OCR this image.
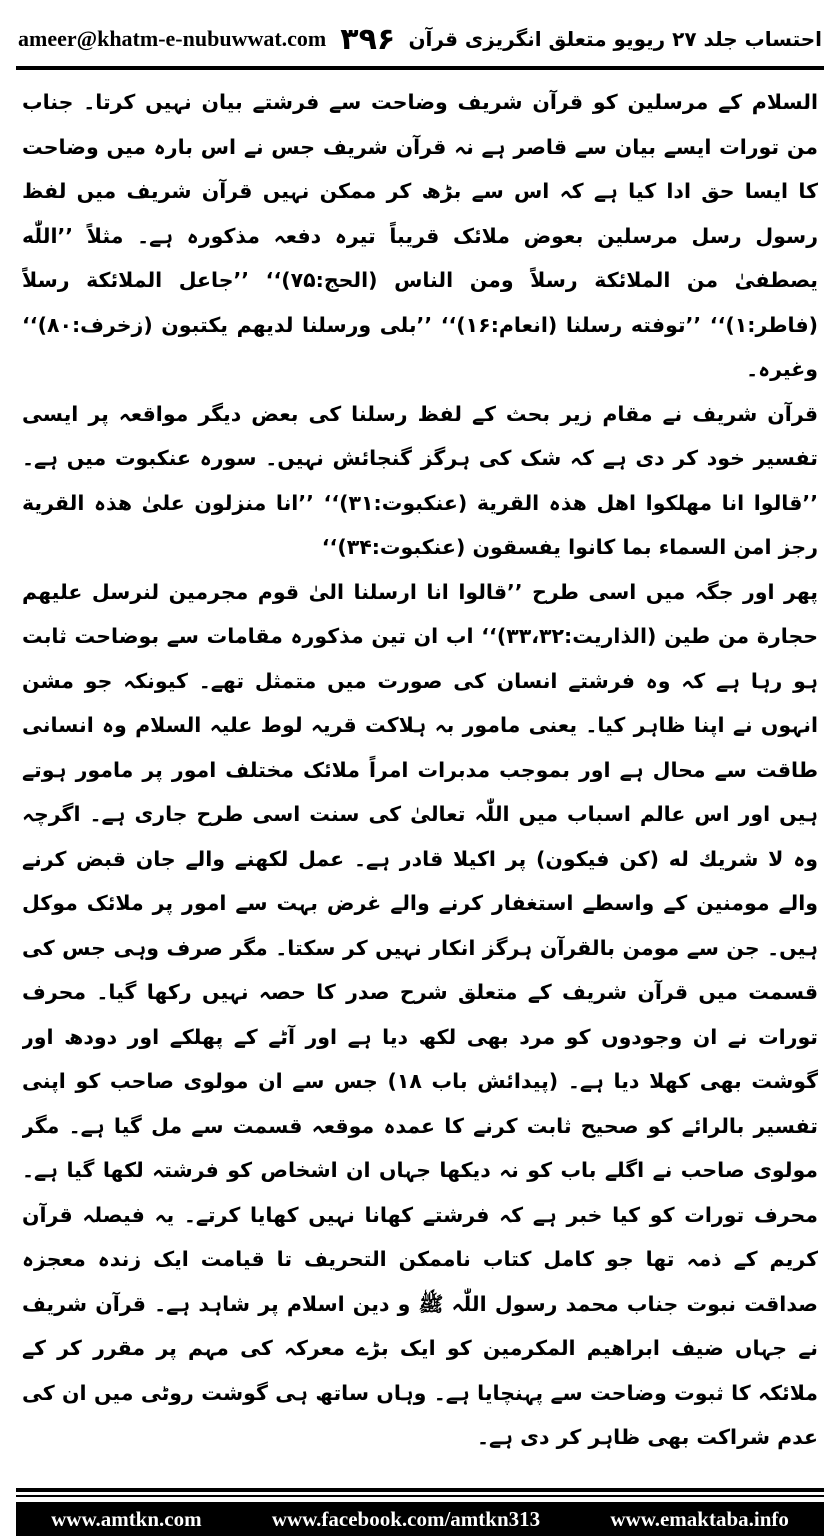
ameer@khatm-e-nubuwwat.com ۳۹۶ احتساب جلد ۲۷ ریویو متعلق انگریزی قرآن

السلام کے مرسلین کو قرآن شریف وضاحت سے فرشتے بیان نہیں کرتا۔ جناب من تورات ایسے بیان سے قاصر ہے نہ قرآن شریف جس نے اس بارہ میں وضاحت کا ایسا حق ادا کیا ہے کہ اس سے بڑھ کر ممکن نہیں قرآن شریف میں لفظ رسول رسل مرسلین بعوض ملائک قریباً تیرہ دفعہ مذکورہ ہے۔ مثلاً ’’اللّٰه یصطفیٰ من الملائکة رسلاً ومن الناس (الحج:۷۵)‘‘ ’’جاعل الملائکة رسلاً (فاطر:۱)‘‘ ’’توفته رسلنا (انعام:۱۶)‘‘ ’’بلی ورسلنا لدیھم یکتبون (زخرف:۸۰)‘‘ وغیرہ۔

قرآن شریف نے مقام زیر بحث کے لفظ رسلنا کی بعض دیگر مواقعہ پر ایسی تفسیر خود کر دی ہے کہ شک کی ہرگز گنجائش نہیں۔ سورہ عنکبوت میں ہے۔ ’’قالوا انا مھلکوا اھل ھذہ القریة (عنکبوت:۳۱)‘‘ ’’انا منزلون علیٰ ھذہ القریة رجز امن السماء بما کانوا یفسقون (عنکبوت:۳۴)‘‘

پھر اور جگہ میں اسی طرح ’’قالوا انا ارسلنا الیٰ قوم مجرمین لنرسل علیھم حجارة من طین (الذاریت:۳۳،۳۲)‘‘ اب ان تین مذکورہ مقامات سے بوضاحت ثابت ہو رہا ہے کہ وہ فرشتے انسان کی صورت میں متمثل تھے۔ کیونکہ جو مشن انہوں نے اپنا ظاہر کیا۔ یعنی مامور بہ ہلاکت قریہ لوط علیہ السلام وہ انسانی طاقت سے محال ہے اور بموجب مدبرات امراً ملائک مختلف امور پر مامور ہوتے ہیں اور اس عالم اسباب میں اللّٰہ تعالیٰ کی سنت اسی طرح جاری ہے۔ اگرچہ وہ لا شریك له (کن فیکون) پر اکیلا قادر ہے۔ عمل لکھنے والے جان قبض کرنے والے مومنین کے واسطے استغفار کرنے والے غرض بہت سے امور پر ملائک موکل ہیں۔ جن سے مومن بالقرآن ہرگز انکار نہیں کر سکتا۔ مگر صرف وہی جس کی قسمت میں قرآن شریف کے متعلق شرح صدر کا حصہ نہیں رکھا گیا۔ محرف تورات نے ان وجودوں کو مرد بھی لکھ دیا ہے اور آٹے کے پھلکے اور دودھ اور گوشت بھی کھلا دیا ہے۔ (پیدائش باب ۱۸) جس سے ان مولوی صاحب کو اپنی تفسیر بالرائے کو صحیح ثابت کرنے کا عمدہ موقعہ قسمت سے مل گیا ہے۔ مگر مولوی صاحب نے اگلے باب کو نہ دیکھا جہاں ان اشخاص کو فرشتہ لکھا گیا ہے۔ محرف تورات کو کیا خبر ہے کہ فرشتے کھانا نہیں کھایا کرتے۔ یہ فیصلہ قرآن کریم کے ذمہ تھا جو کامل کتاب ناممکن التحریف تا قیامت ایک زندہ معجزہ صداقت نبوت جناب محمد رسول اللّٰہ ﷺ و دین اسلام پر شاہد ہے۔ قرآن شریف نے جہاں ضیف ابراھیم المکرمین کو ایک بڑے معرکہ کی مہم پر مقرر کر کے ملائکہ کا ثبوت وضاحت سے پہنچایا ہے۔ وہاں ساتھ ہی گوشت روٹی میں ان کی عدم شراکت بھی ظاہر کر دی ہے۔

www.amtkn.com	www.facebook.com/amtkn313	www.emaktaba.info
